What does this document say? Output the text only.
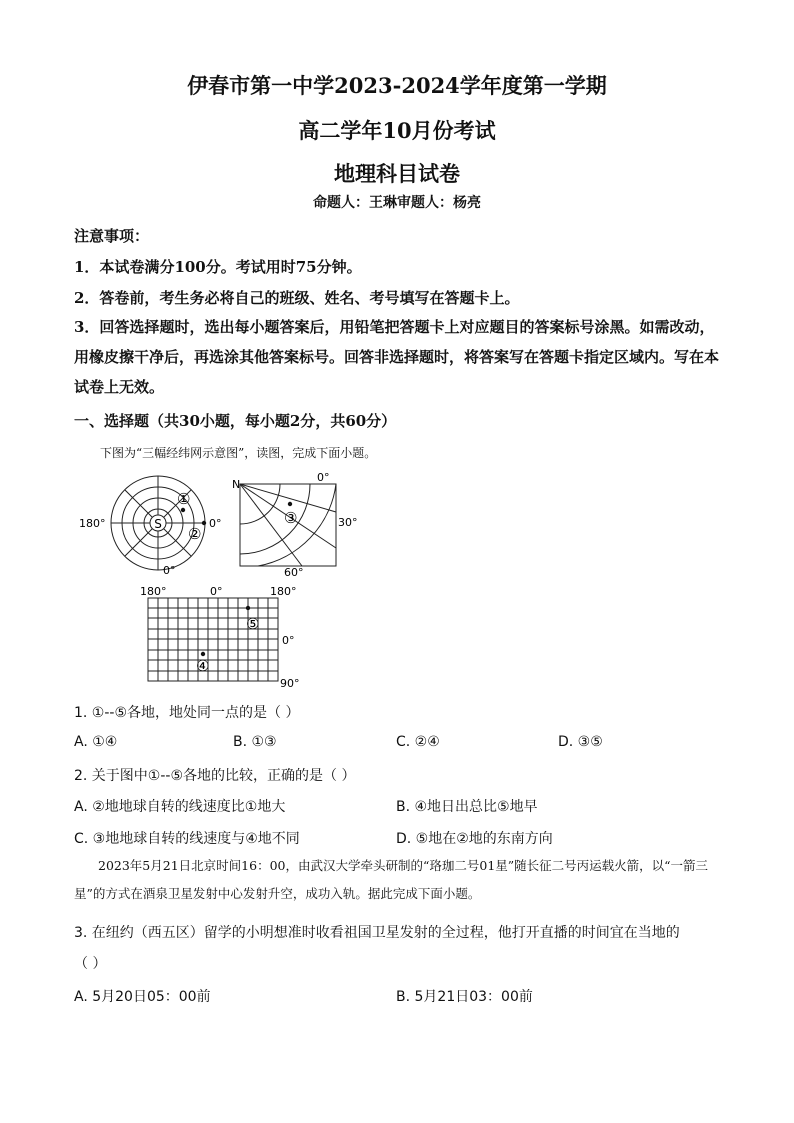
伊春市第一中学2023-2024学年度第一学期
高二学年10月份考试
地理科目试卷
命题人：王琳审题人：杨亮
注意事项：
1．本试卷满分100分。考试用时75分钟。
2．答卷前，考生务必将自己的班级、姓名、考号填写在答题卡上。
3．回答选择题时，选出每小题答案后，用铅笔把答题卡上对应题目的答案标号涂黑。如需改动，用橡皮擦干净后，再选涂其他答案标号。回答非选择题时，将答案写在答题卡指定区域内。写在本试卷上无效。
一、选择题（共30小题，每小题2分，共60分）
下图为“三幅经纬网示意图”，读图，完成下面小题。
S
180°	0°
0°
①
②
N
0°
30°
60°
③
180°	0°	180°
0°
90°
⑤
④
1. ①--⑤各地，地处同一点的是（ ）
A. ①④	B. ①③	C. ②④	D. ③⑤
2. 关于图中①--⑤各地的比较，正确的是（ ）
A. ②地地球自转的线速度比①地大	B. ④地日出总比⑤地早
C. ③地地球自转的线速度与④地不同	D. ⑤地在②地的东南方向
2023年5月21日北京时间16：00，由武汉大学牵头研制的“珞珈二号01星”随长征二号丙运载火箭，以“一箭三星”的方式在酒泉卫星发射中心发射升空，成功入轨。据此完成下面小题。
3. 在纽约（西五区）留学的小明想准时收看祖国卫星发射的全过程，他打开直播的时间宜在当地的
（ ）
A. 5月20日05：00前	B. 5月21日03：00前
